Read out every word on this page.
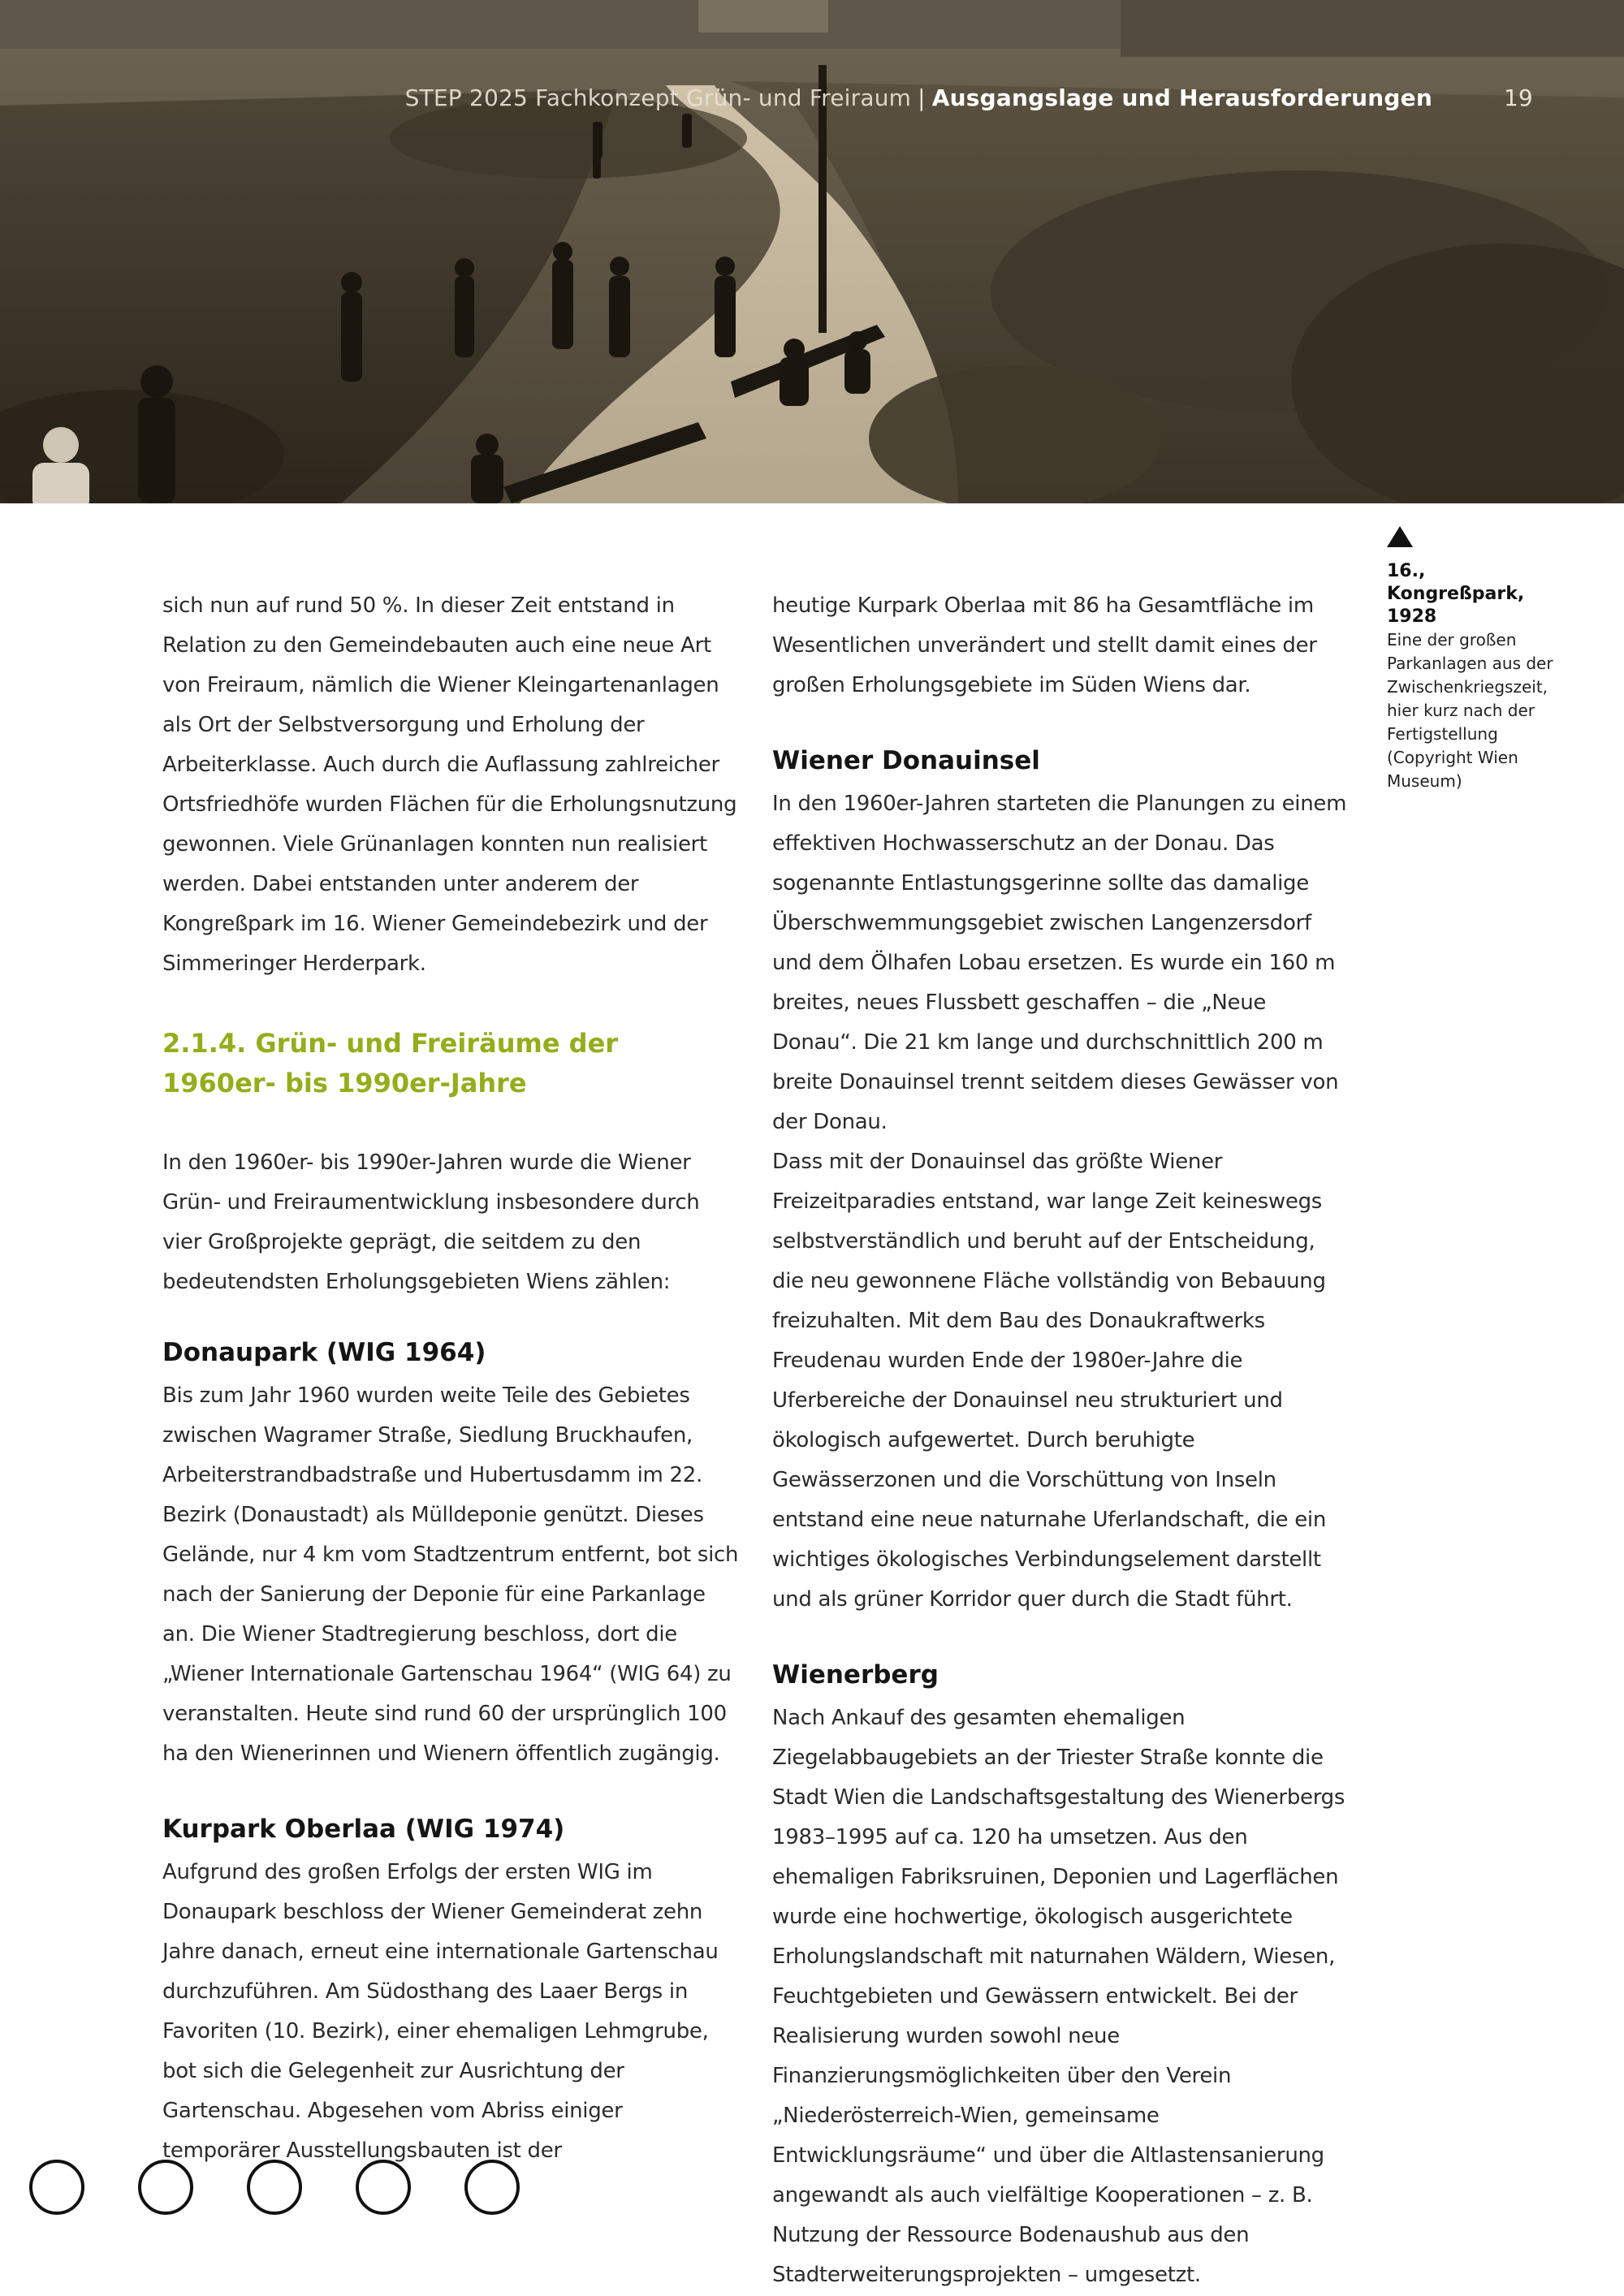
STEP 2025 Fachkonzept Grün- und Freiraum | Ausgangslage und Herausforderungen	19
16., Kongreßpark, 1928
Eine der großen Parkanlagen aus der Zwischenkriegszeit, hier kurz nach der Fertigstellung (Copyright Wien Museum)

sich nun auf rund 50 %. In dieser Zeit entstand in Relation zu den Gemeindebauten auch eine neue Art von Freiraum, nämlich die Wiener Kleingartenanlagen als Ort der Selbstversorgung und Erholung der Arbeiterklasse. Auch durch die Auflassung zahlreicher Ortsfriedhöfe wurden Flächen für die Erholungsnutzung gewonnen. Viele Grünanlagen konnten nun realisiert werden. Dabei entstanden unter anderem der Kongreßpark im 16. Wiener Gemeindebezirk und der Simmeringer Herderpark.

2.1.4. Grün- und Freiräume der 1960er- bis 1990er-Jahre

In den 1960er- bis 1990er-Jahren wurde die Wiener Grün- und Freiraumentwicklung insbesondere durch vier Großprojekte geprägt, die seitdem zu den bedeutendsten Erholungsgebieten Wiens zählen:

Donaupark (WIG 1964)

Bis zum Jahr 1960 wurden weite Teile des Gebietes zwischen Wagramer Straße, Siedlung Bruckhaufen, Arbeiterstrandbadstraße und Hubertusdamm im 22. Bezirk (Donaustadt) als Mülldeponie genützt. Dieses Gelände, nur 4 km vom Stadtzentrum entfernt, bot sich nach der Sanierung der Deponie für eine Parkanlage an. Die Wiener Stadtregierung beschloss, dort die „Wiener Internationale Gartenschau 1964“ (WIG 64) zu veranstalten. Heute sind rund 60 der ursprünglich 100 ha den Wienerinnen und Wienern öffentlich zugängig.

Kurpark Oberlaa (WIG 1974)

Aufgrund des großen Erfolgs der ersten WIG im Donaupark beschloss der Wiener Gemeinderat zehn Jahre danach, erneut eine internationale Gartenschau durchzuführen. Am Südosthang des Laaer Bergs in Favoriten (10. Bezirk), einer ehemaligen Lehmgrube, bot sich die Gelegenheit zur Ausrichtung der Gartenschau. Abgesehen vom Abriss einiger temporärer Ausstellungsbauten ist der

heutige Kurpark Oberlaa mit 86 ha Gesamtfläche im Wesentlichen unverändert und stellt damit eines der großen Erholungsgebiete im Süden Wiens dar.

Wiener Donauinsel

In den 1960er-Jahren starteten die Planungen zu einem effektiven Hochwasserschutz an der Donau. Das sogenannte Entlastungsgerinne sollte das damalige Überschwemmungsgebiet zwischen Langenzersdorf und dem Ölhafen Lobau ersetzen. Es wurde ein 160 m breites, neues Flussbett geschaffen – die „Neue Donau“. Die 21 km lange und durchschnittlich 200 m breite Donauinsel trennt seitdem dieses Gewässer von der Donau.

Dass mit der Donauinsel das größte Wiener Freizeitparadies entstand, war lange Zeit keineswegs selbstverständlich und beruht auf der Entscheidung, die neu gewonnene Fläche vollständig von Bebauung freizuhalten. Mit dem Bau des Donaukraftwerks Freudenau wurden Ende der 1980er-Jahre die Uferbereiche der Donauinsel neu strukturiert und ökologisch aufgewertet. Durch beruhigte Gewässerzonen und die Vorschüttung von Inseln entstand eine neue naturnahe Uferlandschaft, die ein wichtiges ökologisches Verbindungselement darstellt und als grüner Korridor quer durch die Stadt führt.

Wienerberg

Nach Ankauf des gesamten ehemaligen Ziegelabbaugebiets an der Triester Straße konnte die Stadt Wien die Landschaftsgestaltung des Wienerbergs 1983–1995 auf ca. 120 ha umsetzen. Aus den ehemaligen Fabriksruinen, Deponien und Lagerflächen wurde eine hochwertige, ökologisch ausgerichtete Erholungslandschaft mit naturnahen Wäldern, Wiesen, Feuchtgebieten und Gewässern entwickelt. Bei der Realisierung wurden sowohl neue Finanzierungsmöglichkeiten über den Verein „Niederösterreich-Wien, gemeinsame Entwicklungsräume“ und über die Altlastensanierung angewandt als auch vielfältige Kooperationen – z. B. Nutzung der Ressource Bodenaushub aus den Stadterweiterungsprojekten – umgesetzt.
